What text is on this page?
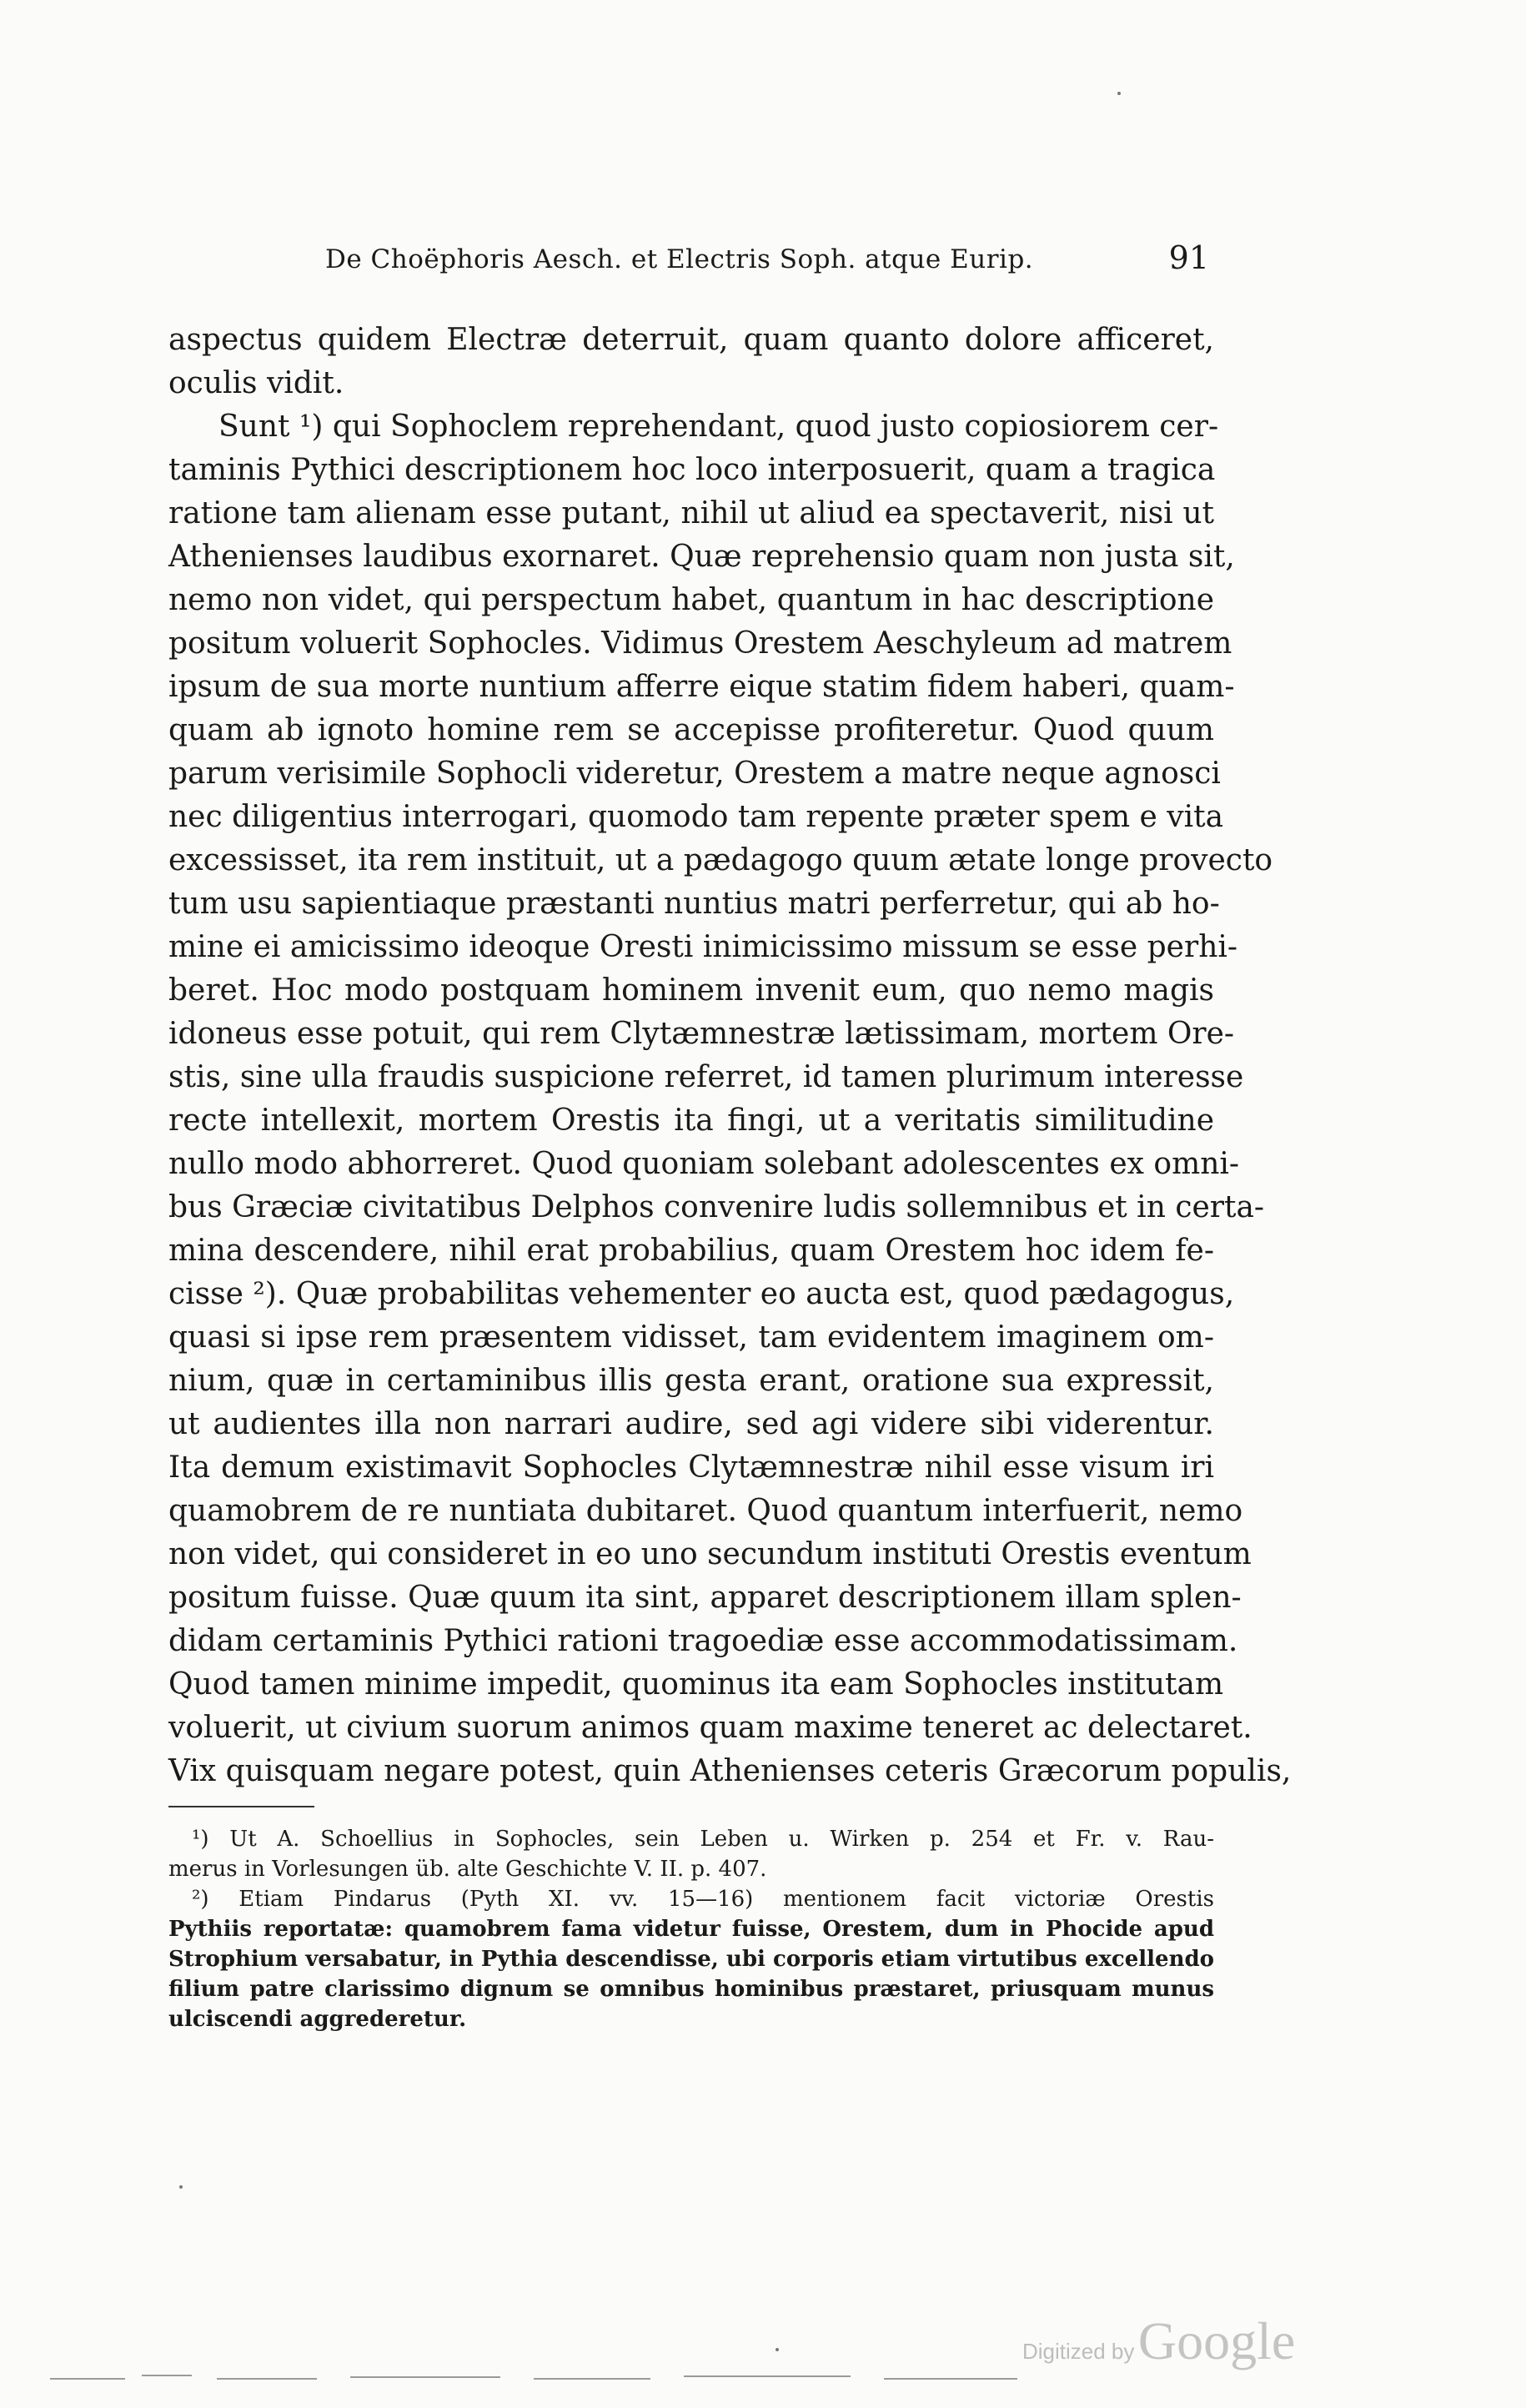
De Choëphoris Aesch. et Electris Soph. atque Eurip.	91
aspectus quidem Electræ deterruit, quam quanto dolore afficeret,
oculis vidit.
Sunt ¹) qui Sophoclem reprehendant, quod justo copiosiorem cer-
taminis Pythici descriptionem hoc loco interposuerit, quam a tragica
ratione tam alienam esse putant, nihil ut aliud ea spectaverit, nisi ut
Athenienses laudibus exornaret. Quæ reprehensio quam non justa sit,
nemo non videt, qui perspectum habet, quantum in hac descriptione
positum voluerit Sophocles. Vidimus Orestem Aeschyleum ad matrem
ipsum de sua morte nuntium afferre eique statim fidem haberi, quam-
quam ab ignoto homine rem se accepisse profiteretur. Quod quum
parum verisimile Sophocli videretur, Orestem a matre neque agnosci
nec diligentius interrogari, quomodo tam repente præter spem e vita
excessisset, ita rem instituit, ut a pædagogo quum ætate longe provecto
tum usu sapientiaque præstanti nuntius matri perferretur, qui ab ho-
mine ei amicissimo ideoque Oresti inimicissimo missum se esse perhi-
beret. Hoc modo postquam hominem invenit eum, quo nemo magis
idoneus esse potuit, qui rem Clytæmnestræ lætissimam, mortem Ore-
stis, sine ulla fraudis suspicione referret, id tamen plurimum interesse
recte intellexit, mortem Orestis ita fingi, ut a veritatis similitudine
nullo modo abhorreret. Quod quoniam solebant adolescentes ex omni-
bus Græciæ civitatibus Delphos convenire ludis sollemnibus et in certa-
mina descendere, nihil erat probabilius, quam Orestem hoc idem fe-
cisse ²). Quæ probabilitas vehementer eo aucta est, quod pædagogus,
quasi si ipse rem præsentem vidisset, tam evidentem imaginem om-
nium, quæ in certaminibus illis gesta erant, oratione sua expressit,
ut audientes illa non narrari audire, sed agi videre sibi viderentur.
Ita demum existimavit Sophocles Clytæmnestræ nihil esse visum iri
quamobrem de re nuntiata dubitaret. Quod quantum interfuerit, nemo
non videt, qui consideret in eo uno secundum instituti Orestis eventum
positum fuisse. Quæ quum ita sint, apparet descriptionem illam splen-
didam certaminis Pythici rationi tragoediæ esse accommodatissimam.
Quod tamen minime impedit, quominus ita eam Sophocles institutam
voluerit, ut civium suorum animos quam maxime teneret ac delectaret.
Vix quisquam negare potest, quin Athenienses ceteris Græcorum populis,
¹) Ut A. Schoellius in Sophocles, sein Leben u. Wirken p. 254 et Fr. v. Rau-
merus in Vorlesungen üb. alte Geschichte V. II. p. 407.
²) Etiam Pindarus (Pyth XI. vv. 15—16) mentionem facit victoriæ Orestis
Pythiis reportatæ: quamobrem fama videtur fuisse, Orestem, dum in Phocide apud
Strophium versabatur, in Pythia descendisse, ubi corporis etiam virtutibus excellendo
filium patre clarissimo dignum se omnibus hominibus præstaret, priusquam munus
ulciscendi aggrederetur.
Digitized by Google
